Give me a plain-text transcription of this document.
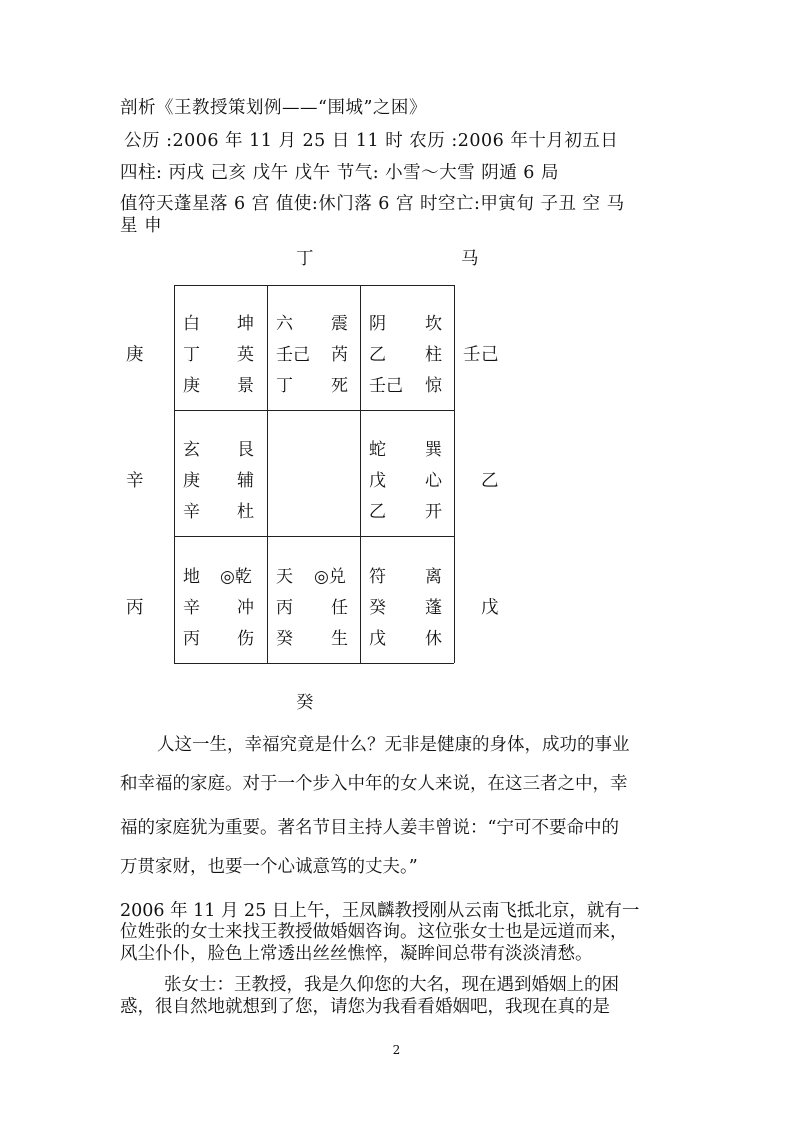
剖析《王教授策划例——“围城”之困》
公历 :2006 年 11 月 25 日 11 时 农历 :2006 年十月初五日
四柱: 丙戌 己亥 戊午 戊午 节气: 小雪～大雪 阴遁 6 局
值符天蓬星落 6 宫 值使:休门落 6 宫 时空亡:甲寅旬 子丑 空 马
星 申
丁	马
癸
庚
辛
丙
壬己
乙
戊
白 坤
丁 英
庚 景
六 震
壬己 芮
丁 死
阴 坎
乙 柱
壬己 惊
玄 艮
庚 辅
辛 杜
蛇 巽
戊 心
乙 开
地 ◎乾
辛 冲
丙 伤
天 ◎兑
丙 任
癸 生
符 离
癸 蓬
戊 休
人这一生，幸福究竟是什么？无非是健康的身体，成功的事业
和幸福的家庭。对于一个步入中年的女人来说，在这三者之中，幸
福的家庭犹为重要。著名节目主持人姜丰曾说：“宁可不要命中的
万贯家财，也要一个心诚意笃的丈夫。”
2006 年 11 月 25 日上午，王凤麟教授刚从云南飞抵北京，就有一
位姓张的女士来找王教授做婚姻咨询。这位张女士也是远道而来，
风尘仆仆，脸色上常透出丝丝憔悴，凝眸间总带有淡淡清愁。
张女士：王教授，我是久仰您的大名，现在遇到婚姻上的困
惑，很自然地就想到了您，请您为我看看婚姻吧，我现在真的是
2
